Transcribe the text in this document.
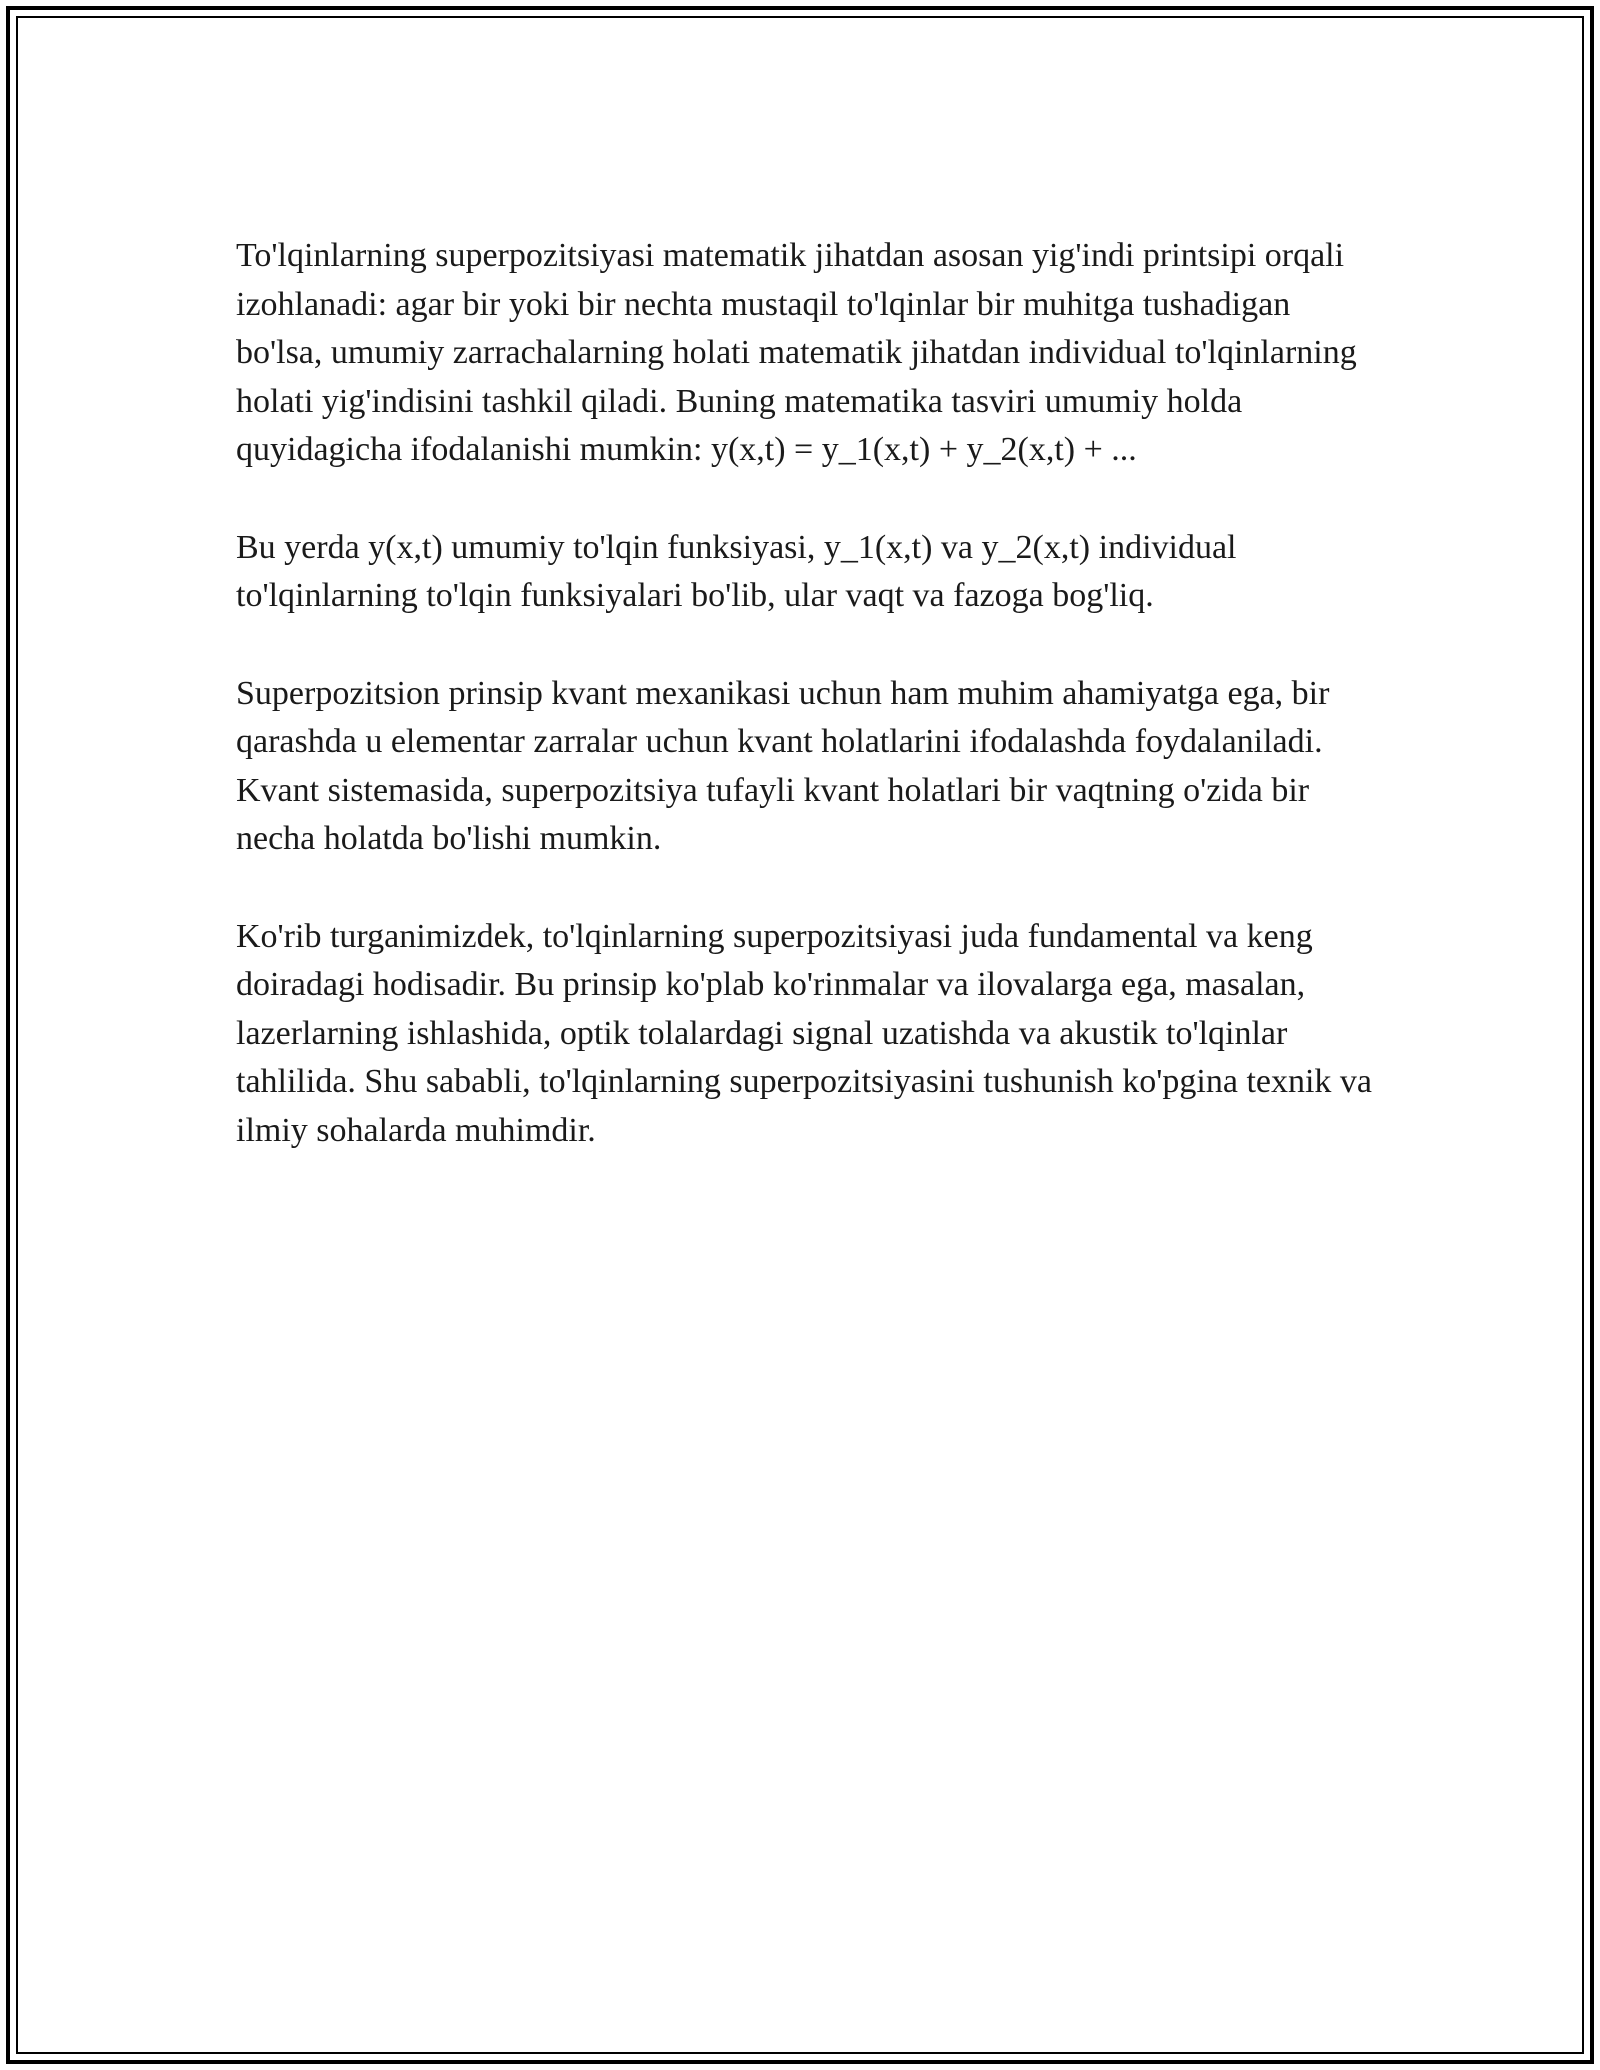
To'lqinlarning superpozitsiyasi matematik jihatdan asosan yig'indi printsipi orqali izohlanadi: agar bir yoki bir nechta mustaqil to'lqinlar bir muhitga tushadigan bo'lsa, umumiy zarrachalarning holati matematik jihatdan individual to'lqinlarning holati yig'indisini tashkil qiladi. Buning matematika tasviri umumiy holda quyidagicha ifodalanishi mumkin: y(x,t) = y_1(x,t) + y_2(x,t) + ...

Bu yerda y(x,t) umumiy to'lqin funksiyasi, y_1(x,t) va y_2(x,t) individual to'lqinlarning to'lqin funksiyalari bo'lib, ular vaqt va fazoga bog'liq.

Superpozitsion prinsip kvant mexanikasi uchun ham muhim ahamiyatga ega, bir qarashda u elementar zarralar uchun kvant holatlarini ifodalashda foydalaniladi. Kvant sistemasida, superpozitsiya tufayli kvant holatlari bir vaqtning o'zida bir necha holatda bo'lishi mumkin.

Ko'rib turganimizdek, to'lqinlarning superpozitsiyasi juda fundamental va keng doiradagi hodisadir. Bu prinsip ko'plab ko'rinmalar va ilovalarga ega, masalan, lazerlarning ishlashida, optik tolalardagi signal uzatishda va akustik to'lqinlar tahlilida. Shu sababli, to'lqinlarning superpozitsiyasini tushunish ko'pgina texnik va ilmiy sohalarda muhimdir.
